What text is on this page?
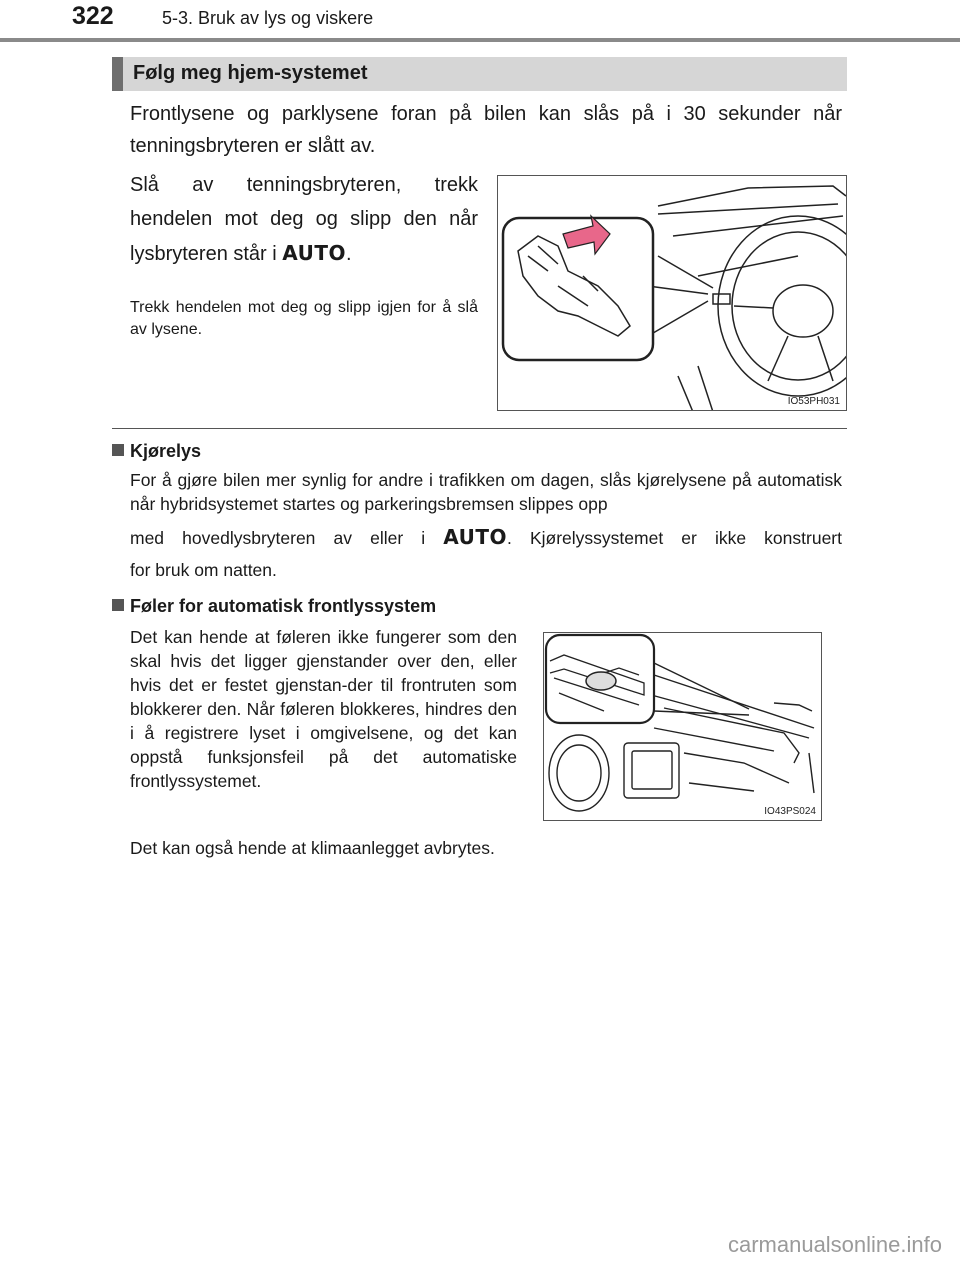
322	5-3. Bruk av lys og viskere
Følg meg hjem-systemet
Frontlysene og parklysene foran på bilen kan slås på i 30 sekunder når tenningsbryteren er slått av.
Slå av tenningsbryteren, trekk hendelen mot deg og slipp den når lysbryteren står i AUTO.
Trekk hendelen mot deg og slipp igjen for å slå av lysene.
IO53PH031
Kjørelys
For å gjøre bilen mer synlig for andre i trafikken om dagen, slås kjørelysene på automatisk når hybridsystemet startes og parkeringsbremsen slippes opp
med hovedlysbryteren av eller i AUTO. Kjørelyssystemet er ikke konstruert
for bruk om natten.
Føler for automatisk frontlyssystem
Det kan hende at føleren ikke fungerer som den skal hvis det ligger gjenstander over den, eller hvis det er festet gjenstan-der til frontruten som blokkerer den. Når føleren blokkeres, hindres den i å registrere lyset i omgivelsene, og det kan oppstå funksjonsfeil på det automatiske frontlyssystemet.
IO43PS024
Det kan også hende at klimaanlegget avbrytes.
carmanualsonline.info
